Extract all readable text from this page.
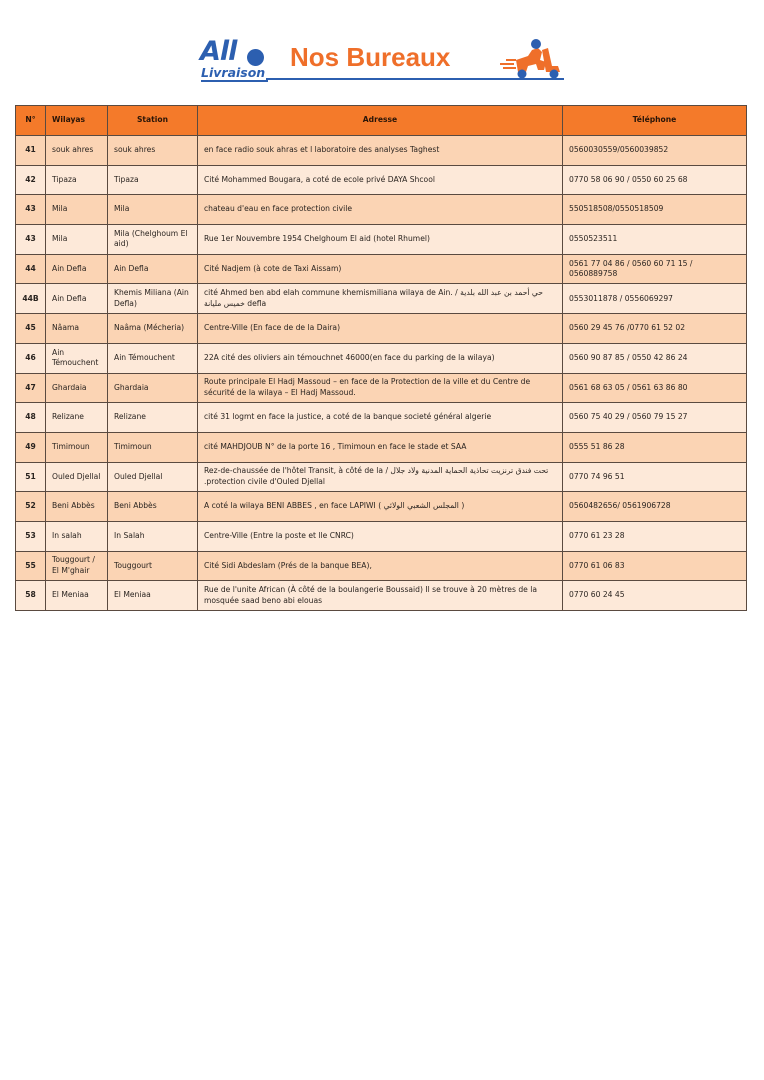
All
Livraison
Nos Bureaux
N°	Wilayas	Station	Adresse	Téléphone
41	souk ahres	souk ahres	en face radio souk ahras et l laboratoire des analyses Taghest	0560030559/0560039852
42	Tipaza	Tipaza	Cité Mohammed Bougara, a coté de ecole privé DAYA Shcool	0770 58 06 90 / 0550 60 25 68
43	Mila	Mila	chateau d'eau en face protection civile	550518508/0550518509
43	Mila	Mila (Chelghoum El aid)	Rue 1er Nouvembre 1954 Chelghoum El aid (hotel Rhumel)	0550523511
44	Ain Defla	Ain Defla	Cité Nadjem (à cote de Taxi Aissam)	0561 77 04 86 / 0560 60 71 15 / 0560889758
44B	Ain Defla	Khemis Miliana (Ain Defla)	cité Ahmed ben abd elah commune khemismiliana wilaya de Ain. / حي أحمد بن عبد الله بلدية خميس مليانة defla	0553011878 / 0556069297
45	Nâama	Naâma (Mécheria)	Centre-Ville (En face de de la Daira)	0560 29 45 76 /0770 61 52 02
46	Ain Témouchent	Ain Témouchent	22A cité des oliviers ain témouchnet 46000(en face du parking de la wilaya)	0560 90 87 85 / 0550 42 86 24
47	Ghardaia	Ghardaia	Route principale El Hadj Massoud – en face de la Protection de la ville et du Centre de sécurité de la wilaya – El Hadj Massoud.	0561 68 63 05 / 0561 63 86 80
48	Relizane	Relizane	cité 31 logmt en face la justice, a coté de la banque societé général algerie	0560 75 40 29 / 0560 79 15 27
49	Timimoun	Timimoun	cité MAHDJOUB N° de la porte 16 , Timimoun en face le stade et SAA	0555 51 86 28
51	Ouled Djellal	Ouled Djellal	Rez-de-chaussée de l'hôtel Transit, à côté de la / تحت فندق ترنزيت تحاذية الحماية المدنية ولاد جلال .protection civile d'Ouled Djellal	0770 74 96 51
52	Beni Abbès	Beni Abbès	A coté la wilaya BENI ABBES , en face LAPIWI ( المجلس الشعبي الولائي )	0560482656/ 0561906728
53	In salah	In Salah	Centre-Ville (Entre la poste et lle CNRC)	0770 61 23 28
55	Touggourt / El M'ghair	Touggourt	Cité Sidi Abdeslam (Prés de la banque BEA),	0770 61 06 83
58	El Meniaa	El Meniaa	Rue de l'unite African (À côté de la boulangerie Boussaid) Il se trouve à 20 mètres de la mosquée saad beno abi elouas	0770 60 24 45
